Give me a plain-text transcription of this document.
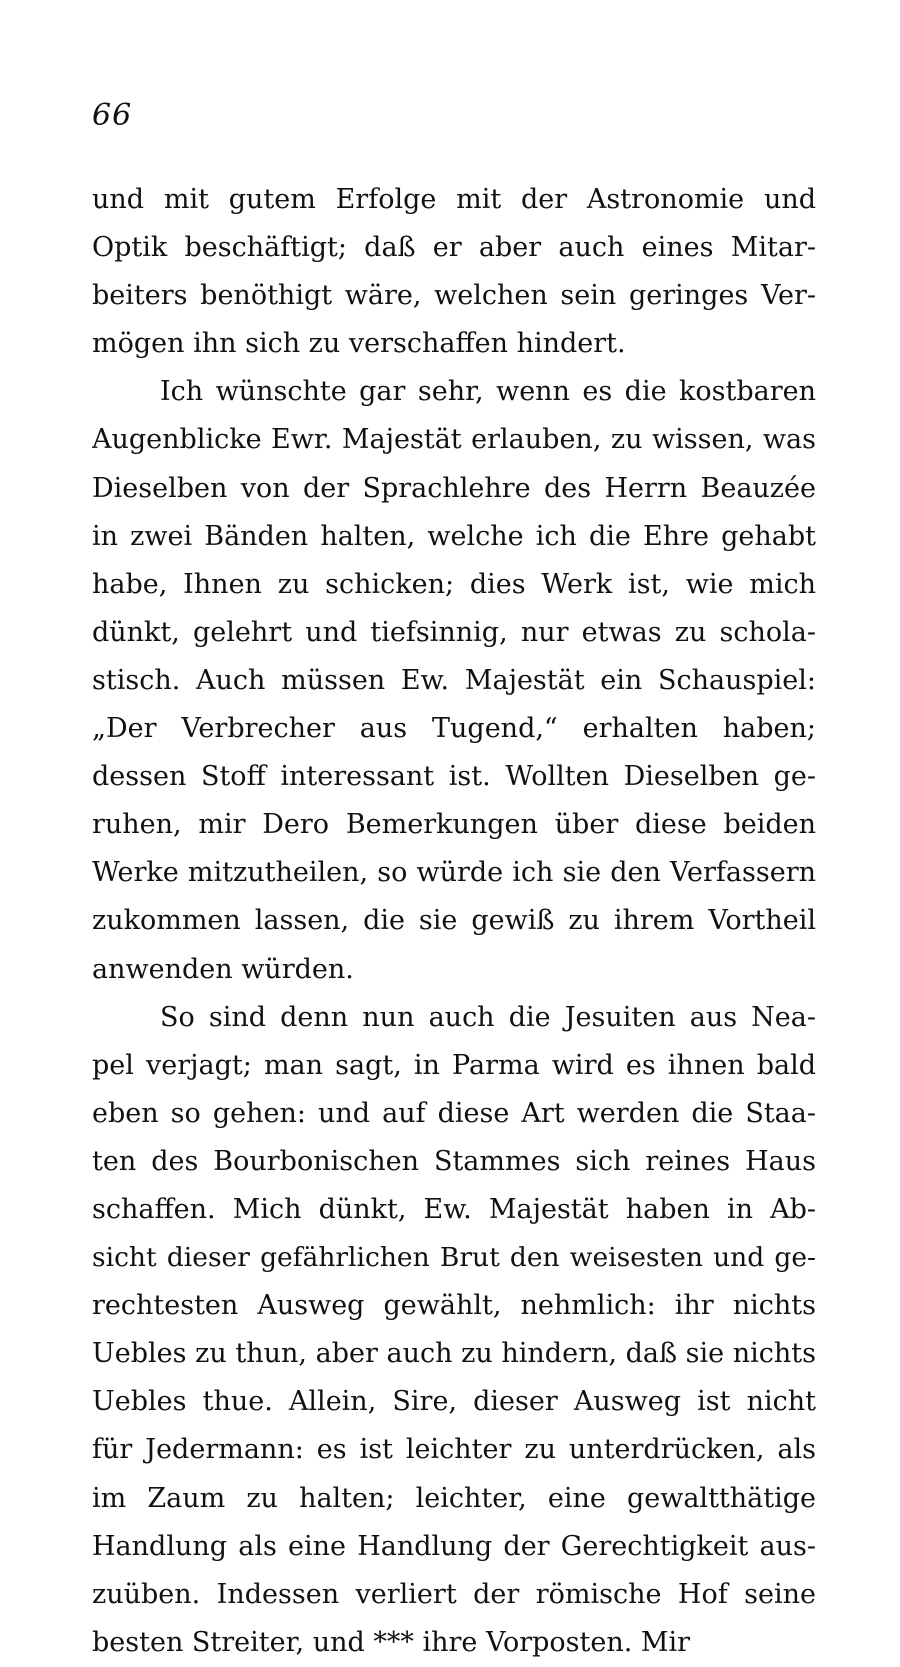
66
und mit gutem Erfolge mit der Astronomie und
Optik beschäftigt; daß er aber auch eines Mitar-
beiters benöthigt wäre, welchen sein geringes Ver-
mögen ihn sich zu verschaffen hindert.
Ich wünschte gar sehr, wenn es die kostbaren
Augenblicke Ewr. Majestät erlauben, zu wissen, was
Dieselben von der Sprachlehre des Herrn Beauzée
in zwei Bänden halten, welche ich die Ehre gehabt
habe, Ihnen zu schicken; dies Werk ist, wie mich
dünkt, gelehrt und tiefsinnig, nur etwas zu schola-
stisch. Auch müssen Ew. Majestät ein Schauspiel:
„Der Verbrecher aus Tugend,“ erhalten haben;
dessen Stoff interessant ist. Wollten Dieselben ge-
ruhen, mir Dero Bemerkungen über diese beiden
Werke mitzutheilen, so würde ich sie den Verfassern
zukommen lassen, die sie gewiß zu ihrem Vortheil
anwenden würden.
So sind denn nun auch die Jesuiten aus Nea-
pel verjagt; man sagt, in Parma wird es ihnen bald
eben so gehen: und auf diese Art werden die Staa-
ten des Bourbonischen Stammes sich reines Haus
schaffen. Mich dünkt, Ew. Majestät haben in Ab-
sicht dieser gefährlichen Brut den weisesten und ge-
rechtesten Ausweg gewählt, nehmlich: ihr nichts
Uebles zu thun, aber auch zu hindern, daß sie nichts
Uebles thue. Allein, Sire, dieser Ausweg ist nicht
für Jedermann: es ist leichter zu unterdrücken, als
im Zaum zu halten; leichter, eine gewaltthätige
Handlung als eine Handlung der Gerechtigkeit aus-
zuüben. Indessen verliert der römische Hof seine
besten Streiter, und *** ihre Vorposten. Mir
